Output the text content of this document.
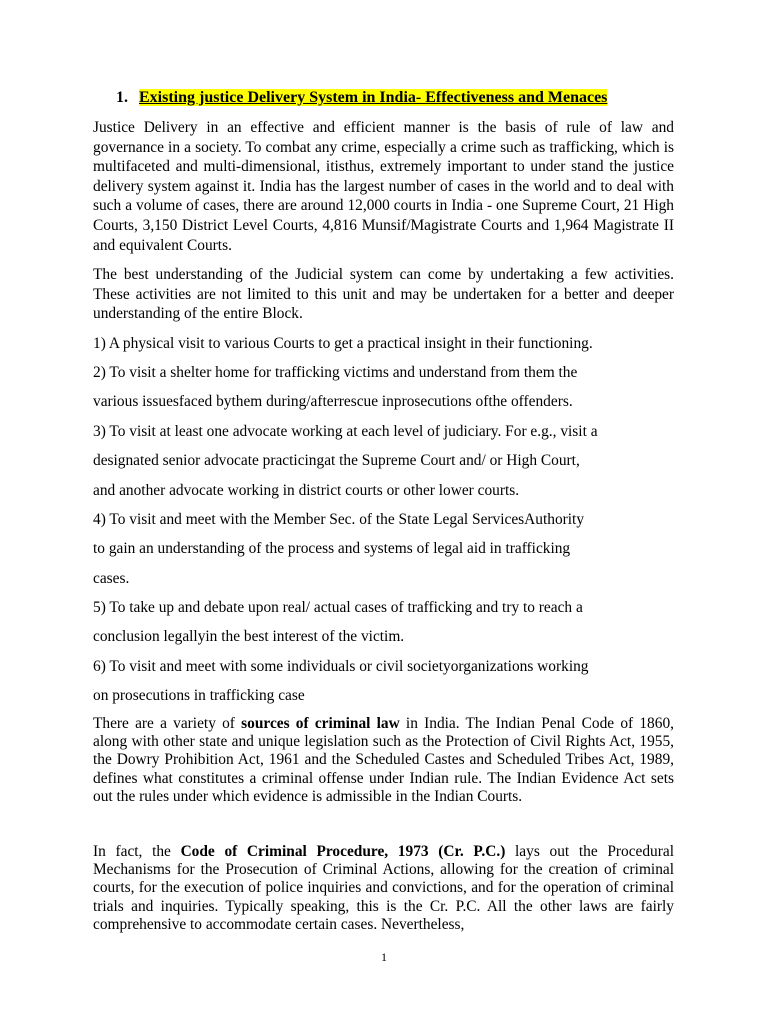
1. Existing justice Delivery System in India- Effectiveness and Menaces

Justice Delivery in an effective and efficient manner is the basis of rule of law and governance in a society. To combat any crime, especially a crime such as trafficking, which is multifaceted and multi-dimensional, itisthus, extremely important to under stand the justice delivery system against it. India has the largest number of cases in the world and to deal with such a volume of cases, there are around 12,000 courts in India - one Supreme Court, 21 High Courts, 3,150 District Level Courts, 4,816 Munsif/Magistrate Courts and 1,964 Magistrate II and equivalent Courts.

The best understanding of the Judicial system can come by undertaking a few activities. These activities are not limited to this unit and may be undertaken for a better and deeper understanding of the entire Block.

1) A physical visit to various Courts to get a practical insight in their functioning.

2) To visit a shelter home for trafficking victims and understand from them the

various issuesfaced bythem during/afterrescue inprosecutions ofthe offenders.

3) To visit at least one advocate working at each level of judiciary. For e.g., visit a

designated senior advocate practicingat the Supreme Court and/ or High Court,

and another advocate working in district courts or other lower courts.

4) To visit and meet with the Member Sec. of the State Legal ServicesAuthority

to gain an understanding of the process and systems of legal aid in trafficking

cases.

5) To take up and debate upon real/ actual cases of trafficking and try to reach a

conclusion legallyin the best interest of the victim.

6) To visit and meet with some individuals or civil societyorganizations working

on prosecutions in trafficking case

There are a variety of sources of criminal law in India. The Indian Penal Code of 1860, along with other state and unique legislation such as the Protection of Civil Rights Act, 1955, the Dowry Prohibition Act, 1961 and the Scheduled Castes and Scheduled Tribes Act, 1989, defines what constitutes a criminal offense under Indian rule. The Indian Evidence Act sets out the rules under which evidence is admissible in the Indian Courts.

In fact, the Code of Criminal Procedure, 1973 (Cr. P.C.) lays out the Procedural Mechanisms for the Prosecution of Criminal Actions, allowing for the creation of criminal courts, for the execution of police inquiries and convictions, and for the operation of criminal trials and inquiries. Typically speaking, this is the Cr. P.C. All the other laws are fairly comprehensive to accommodate certain cases. Nevertheless,

1
